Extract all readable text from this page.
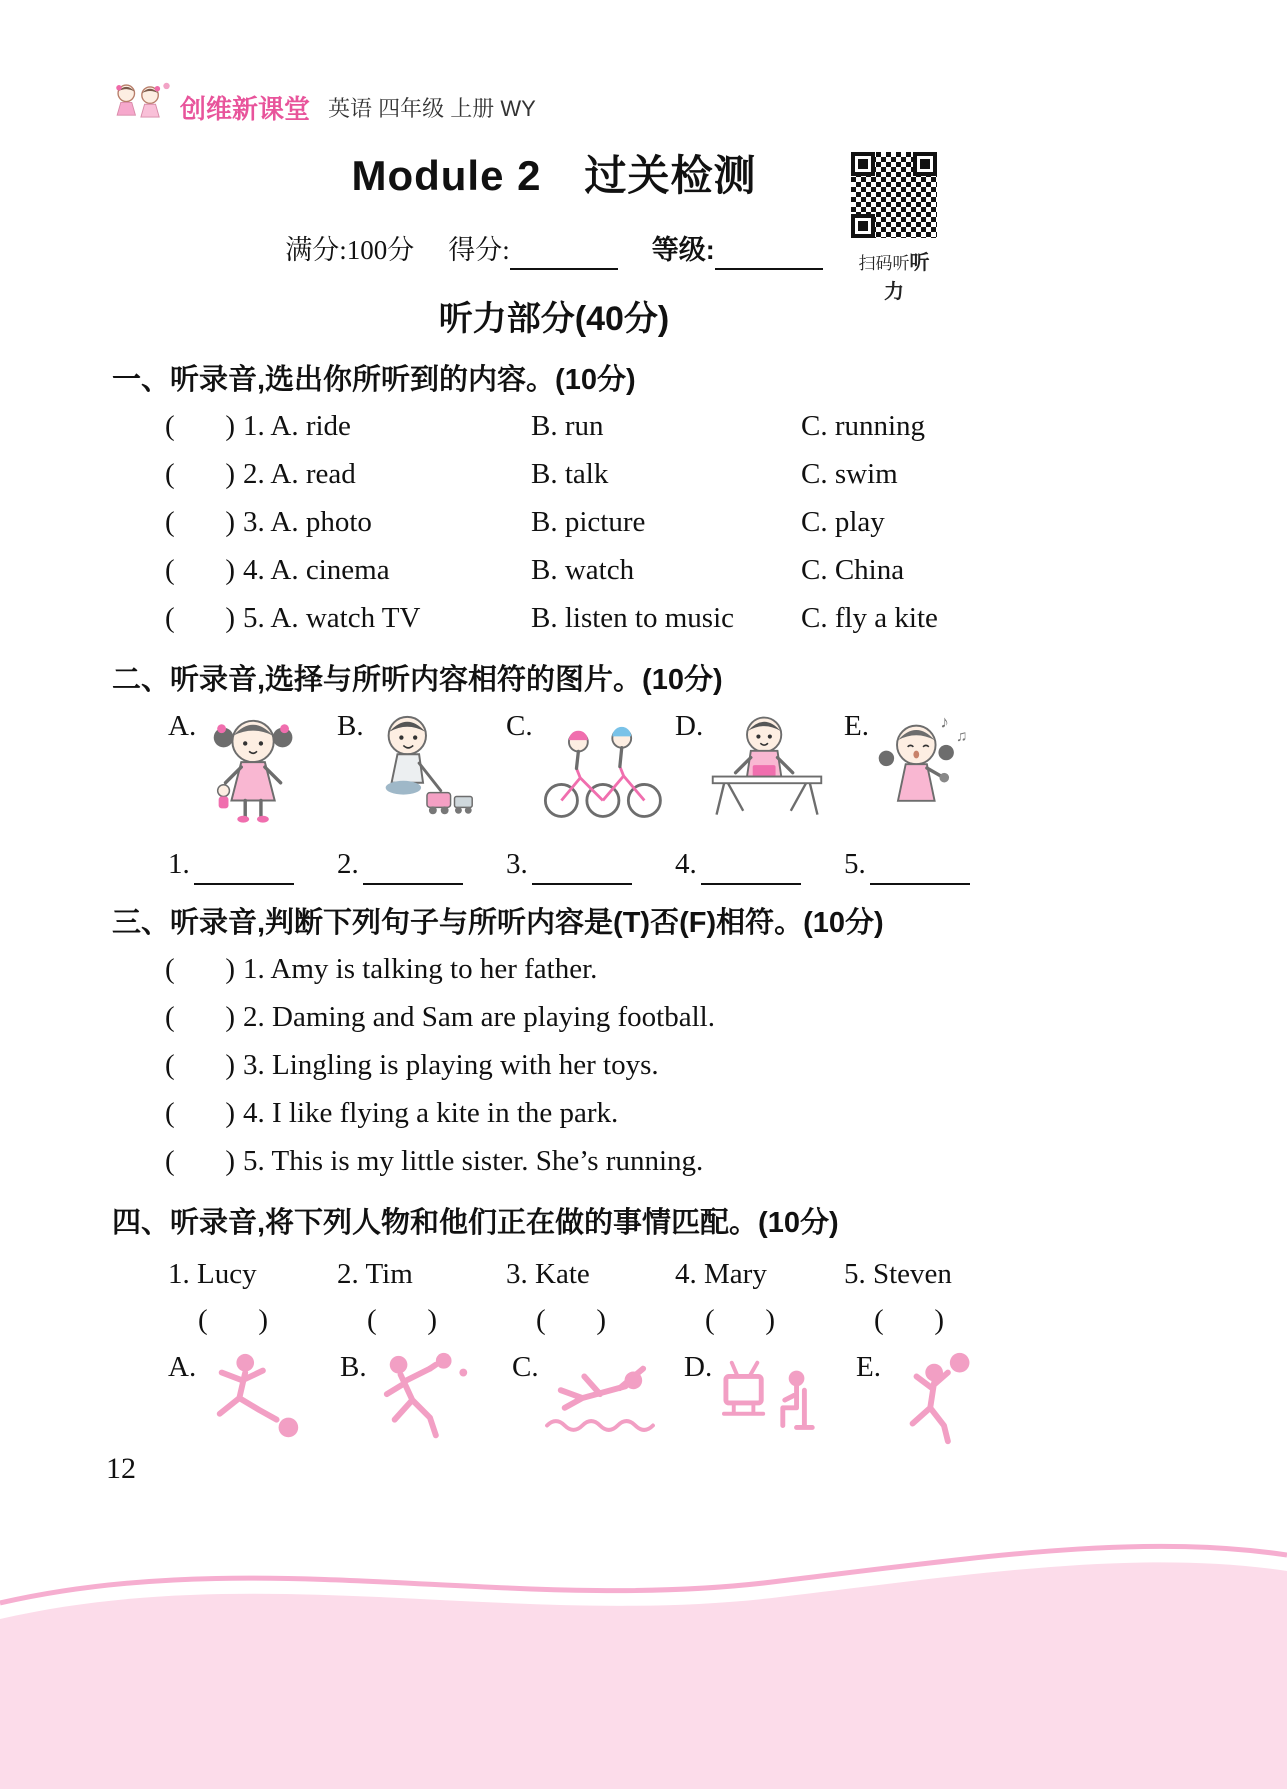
创维新课堂 英语 四年级 上册 WY
扫码听听力
Module 2　过关检测
满分:100分 得分:	等级:
听力部分(40分)
一、听录音,选出你所听到的内容。(10分)
(       ) 1. A. ride	B. run	C. running
(       ) 2. A. read	B. talk	C. swim
(       ) 3. A. photo	B. picture	C. play
(       ) 4. A. cinema	B. watch	C. China
(       ) 5. A. watch TV	B. listen to music	C. fly a kite
二、听录音,选择与所听内容相符的图片。(10分)
A.	B.	C.	D.	E.	♪
♫
1.	2.	3.	4.	5.
三、听录音,判断下列句子与所听内容是(T)否(F)相符。(10分)
(       ) 1. Amy is talking to her father.
(       ) 2. Daming and Sam are playing football.
(       ) 3. Lingling is playing with her toys.
(       ) 4. I like flying a kite in the park.
(       ) 5. This is my little sister. She’s running.
四、听录音,将下列人物和他们正在做的事情匹配。(10分)
1. Lucy	2. Tim	3. Kate	4. Mary	5. Steven
(       )	(       )	(       )	(       )	(       )
A.	B.	C.	D.	E.
12
